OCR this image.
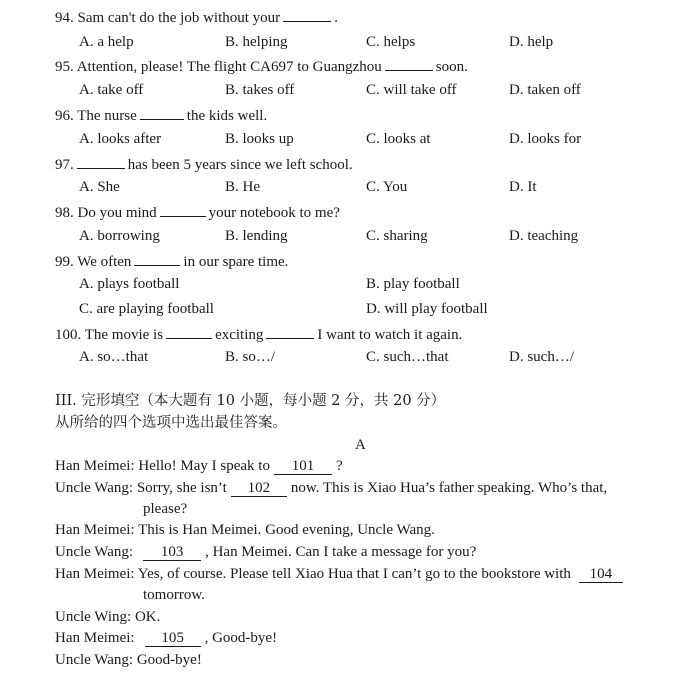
94. Sam can't do the job without your	.
A. a help	B. helping	C. helps	D. help
95. Attention, please! The flight CA697 to Guangzhou	soon.
A. take off	B. takes off	C. will take off	D. taken off
96. The nurse	the kids well.
A. looks after	B. looks up	C. looks at	D. looks for
97.	has been 5 years since we left school.
A. She	B. He	C. You	D. It
98. Do you mind	your notebook to me?
A. borrowing	B. lending	C. sharing	D. teaching
99. We often	in our spare time.
A. plays football	B. play football
C. are playing football	D. will play football
100. The movie is	exciting	I want to watch it again.
A. so…that	B. so…/	C. such…that	D. such…/
III. 完形填空（本大题有 10 小题，每小题 2 分，共 20 分）
从所给的四个选项中选出最佳答案。
A
Han Meimei: Hello! May I speak to 101 ?
Uncle Wang: Sorry, she isn’t 102 now. This is Xiao Hua’s father speaking. Who’s that,
please?
Han Meimei: This is Han Meimei. Good evening, Uncle Wang.
Uncle Wang: 103 , Han Meimei. Can I take a message for you?
Han Meimei: Yes, of course. Please tell Xiao Hua that I can’t go to the bookstore with 104
tomorrow.
Uncle Wing: OK.
Han Meimei: 105 , Good-bye!
Uncle Wang: Good-bye!
